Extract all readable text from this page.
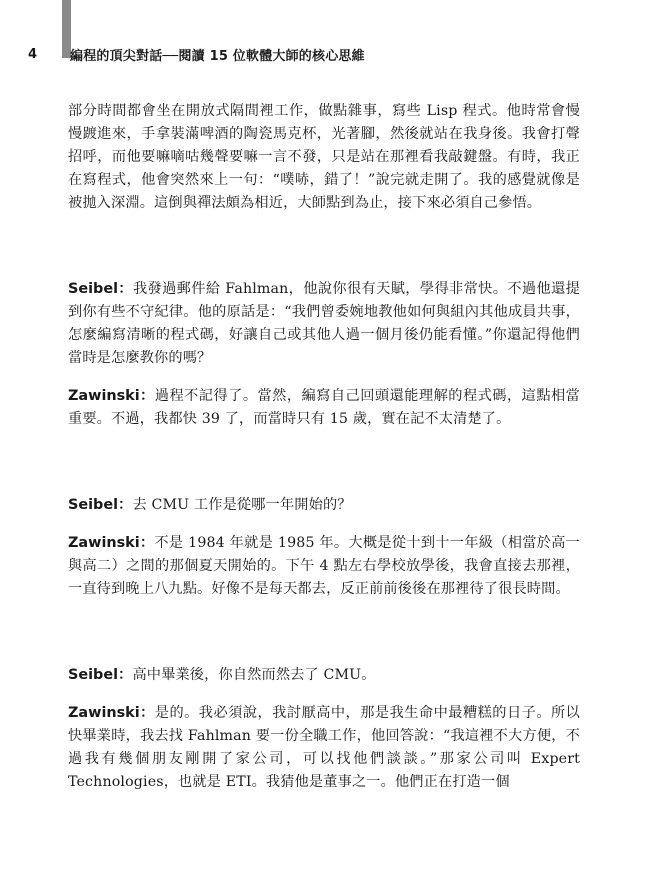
4	編程的頂尖對話──閱讀 15 位軟體大師的核心思維

部分時間都會坐在開放式隔間裡工作，做點雜事，寫些 Lisp 程式。他時常會慢慢踱進來，手拿裝滿啤酒的陶瓷馬克杯，光著腳，然後就站在我身後。我會打聲招呼，而他要嘛嘀咕幾聲要嘛一言不發，只是站在那裡看我敲鍵盤。有時，我正在寫程式，他會突然來上一句：“噗哧，錯了！”說完就走開了。我的感覺就像是被拋入深淵。這倒與禪法頗為相近，大師點到為止，接下來必須自己參悟。

Seibel：我發過郵件給 Fahlman，他說你很有天賦，學得非常快。不過他還提到你有些不守紀律。他的原話是：“我們曾委婉地教他如何與組內其他成員共事，怎麼編寫清晰的程式碼，好讓自己或其他人過一個月後仍能看懂。”你還記得他們當時是怎麼教你的嗎？

Zawinski：過程不記得了。當然，編寫自己回頭還能理解的程式碼，這點相當重要。不過，我都快 39 了，而當時只有 15 歲，實在記不太清楚了。

Seibel：去 CMU 工作是從哪一年開始的？

Zawinski：不是 1984 年就是 1985 年。大概是從十到十一年級（相當於高一與高二）之間的那個夏天開始的。下午 4 點左右學校放學後，我會直接去那裡，一直待到晚上八九點。好像不是每天都去，反正前前後後在那裡待了很長時間。

Seibel：高中畢業後，你自然而然去了 CMU。

Zawinski：是的。我必須說，我討厭高中，那是我生命中最糟糕的日子。所以快畢業時，我去找 Fahlman 要一份全職工作，他回答說：“我這裡不大方便，不過我有幾個朋友剛開了家公司，可以找他們談談。”那家公司叫 Expert Technologies，也就是 ETI。我猜他是董事之一。他們正在打造一個
